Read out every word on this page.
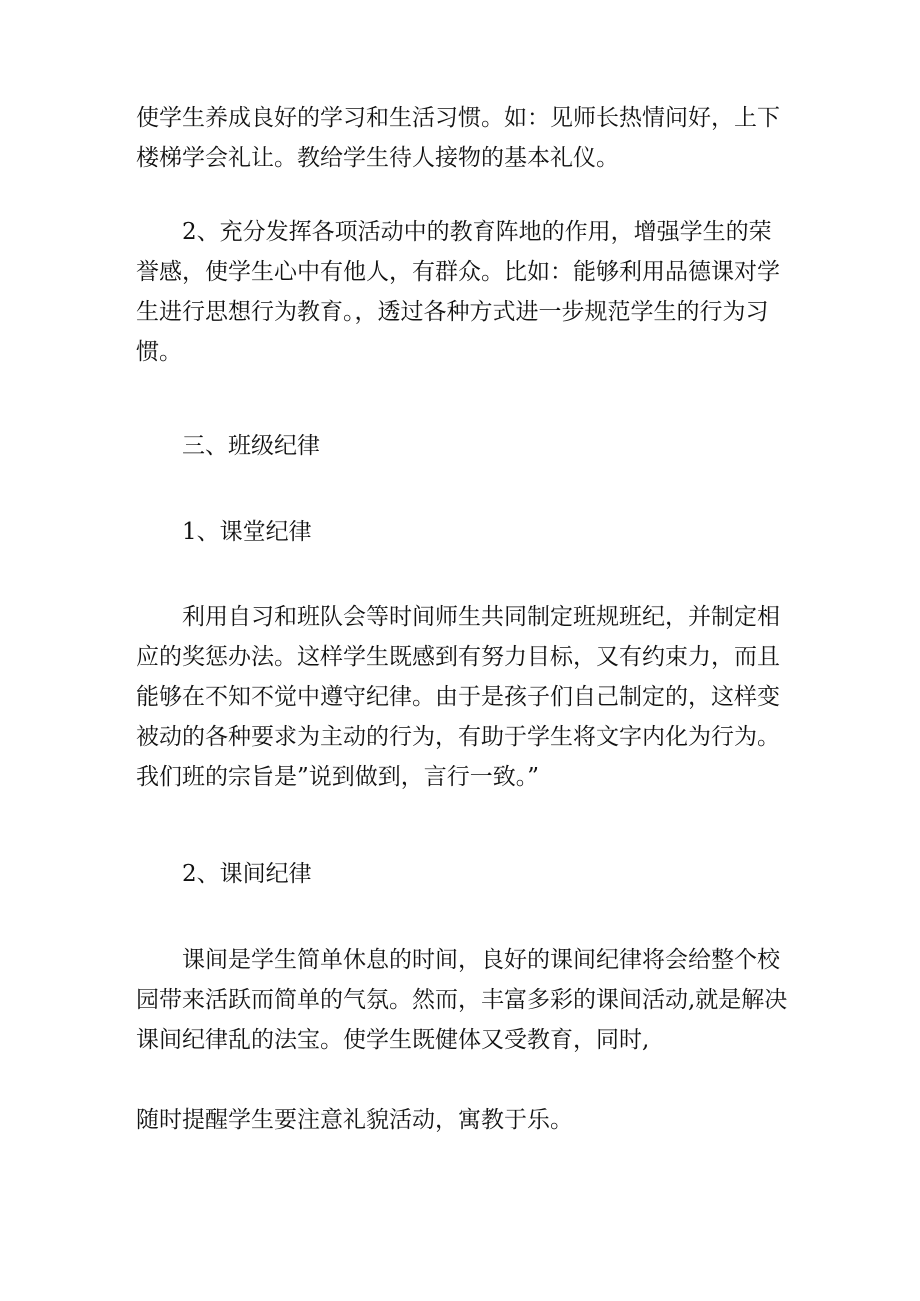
使学生养成良好的学习和生活习惯。如：见师长热情问好，上下
楼梯学会礼让。教给学生待人接物的基本礼仪。
2、充分发挥各项活动中的教育阵地的作用，增强学生的荣
誉感，使学生心中有他人，有群众。比如：能够利用品德课对学
生进行思想行为教育。，透过各种方式进一步规范学生的行为习
惯。
三、班级纪律
1、课堂纪律
利用自习和班队会等时间师生共同制定班规班纪，并制定相
应的奖惩办法。这样学生既感到有努力目标，又有约束力，而且
能够在不知不觉中遵守纪律。由于是孩子们自己制定的，这样变
被动的各种要求为主动的行为，有助于学生将文字内化为行为。
我们班的宗旨是”说到做到，言行一致。”
2、课间纪律
课间是学生简单休息的时间，良好的课间纪律将会给整个校
园带来活跃而简单的气氛。然而，丰富多彩的课间活动,就是解决
课间纪律乱的法宝。使学生既健体又受教育，同时,
随时提醒学生要注意礼貌活动，寓教于乐。
